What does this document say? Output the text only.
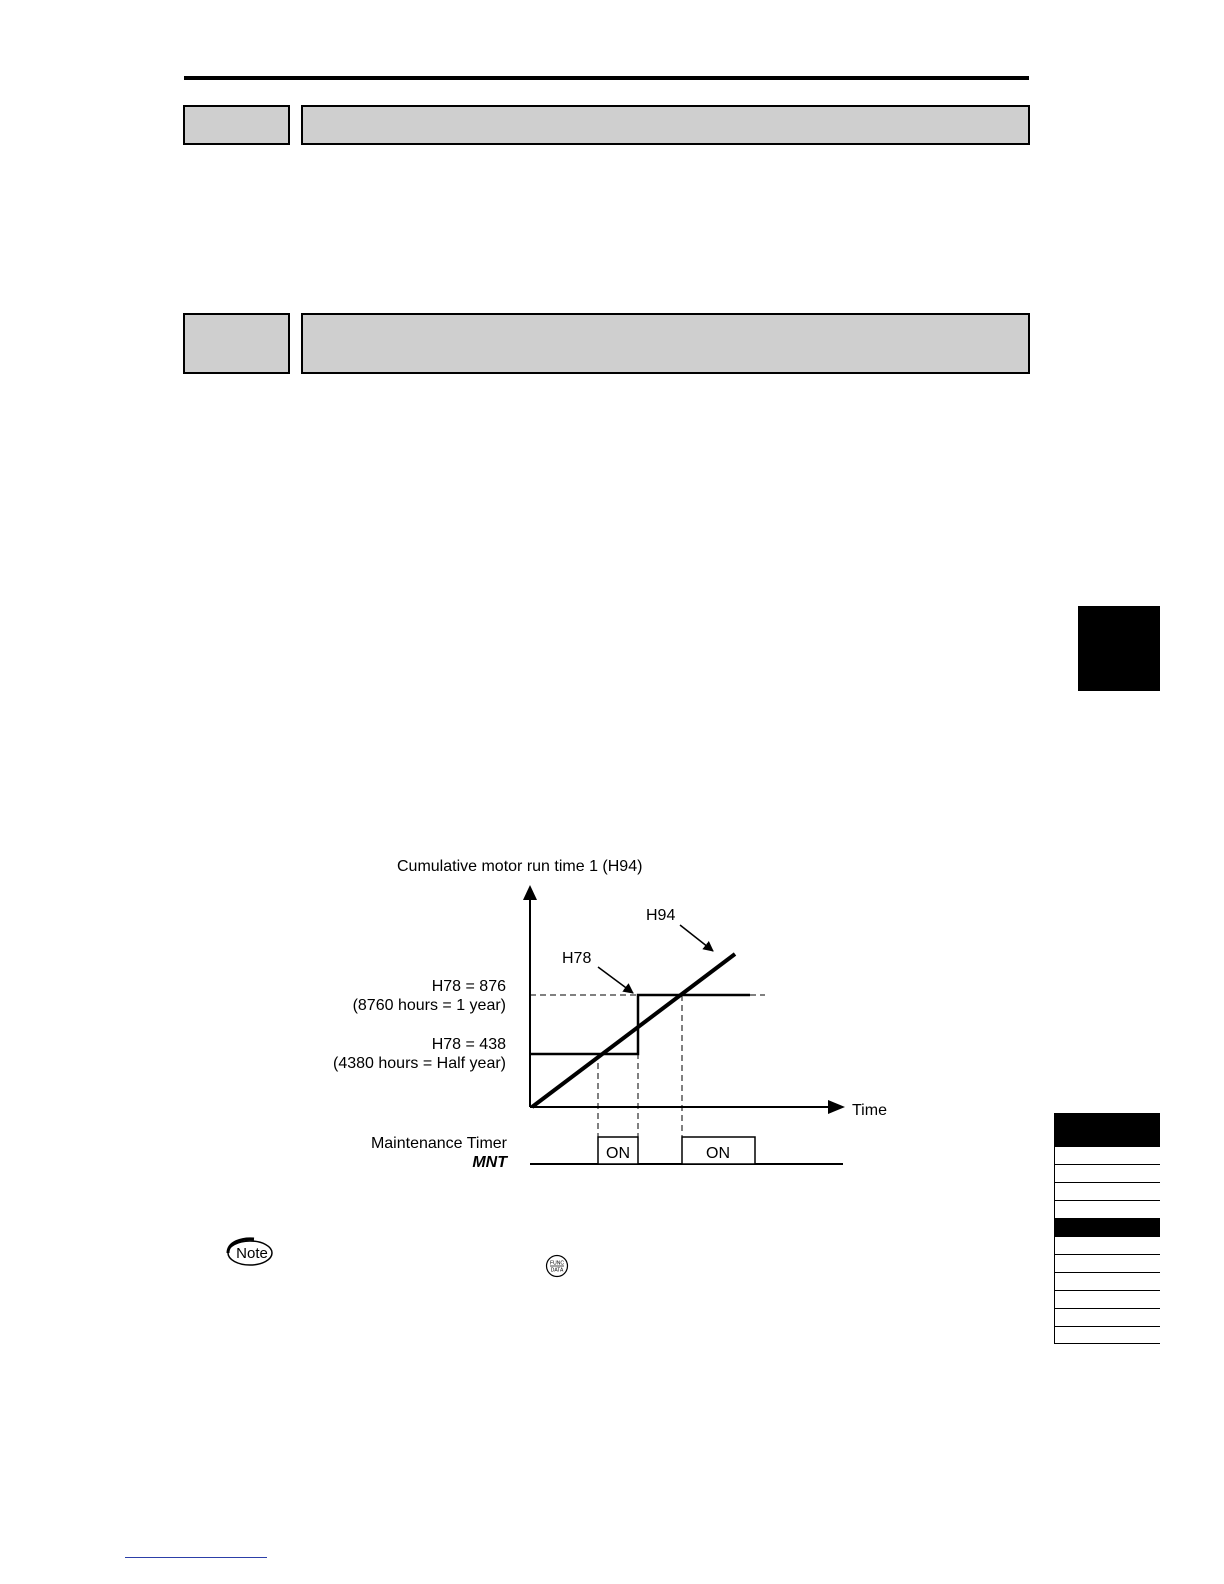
Cumulative motor run time 1 (H94)
Time
H94
H78
H78 = 876
(8760 hours = 1 year)
H78 = 438
(4380 hours = Half year)
Maintenance Timer
MNT
ON	ON
Note
FUNC
DATA
